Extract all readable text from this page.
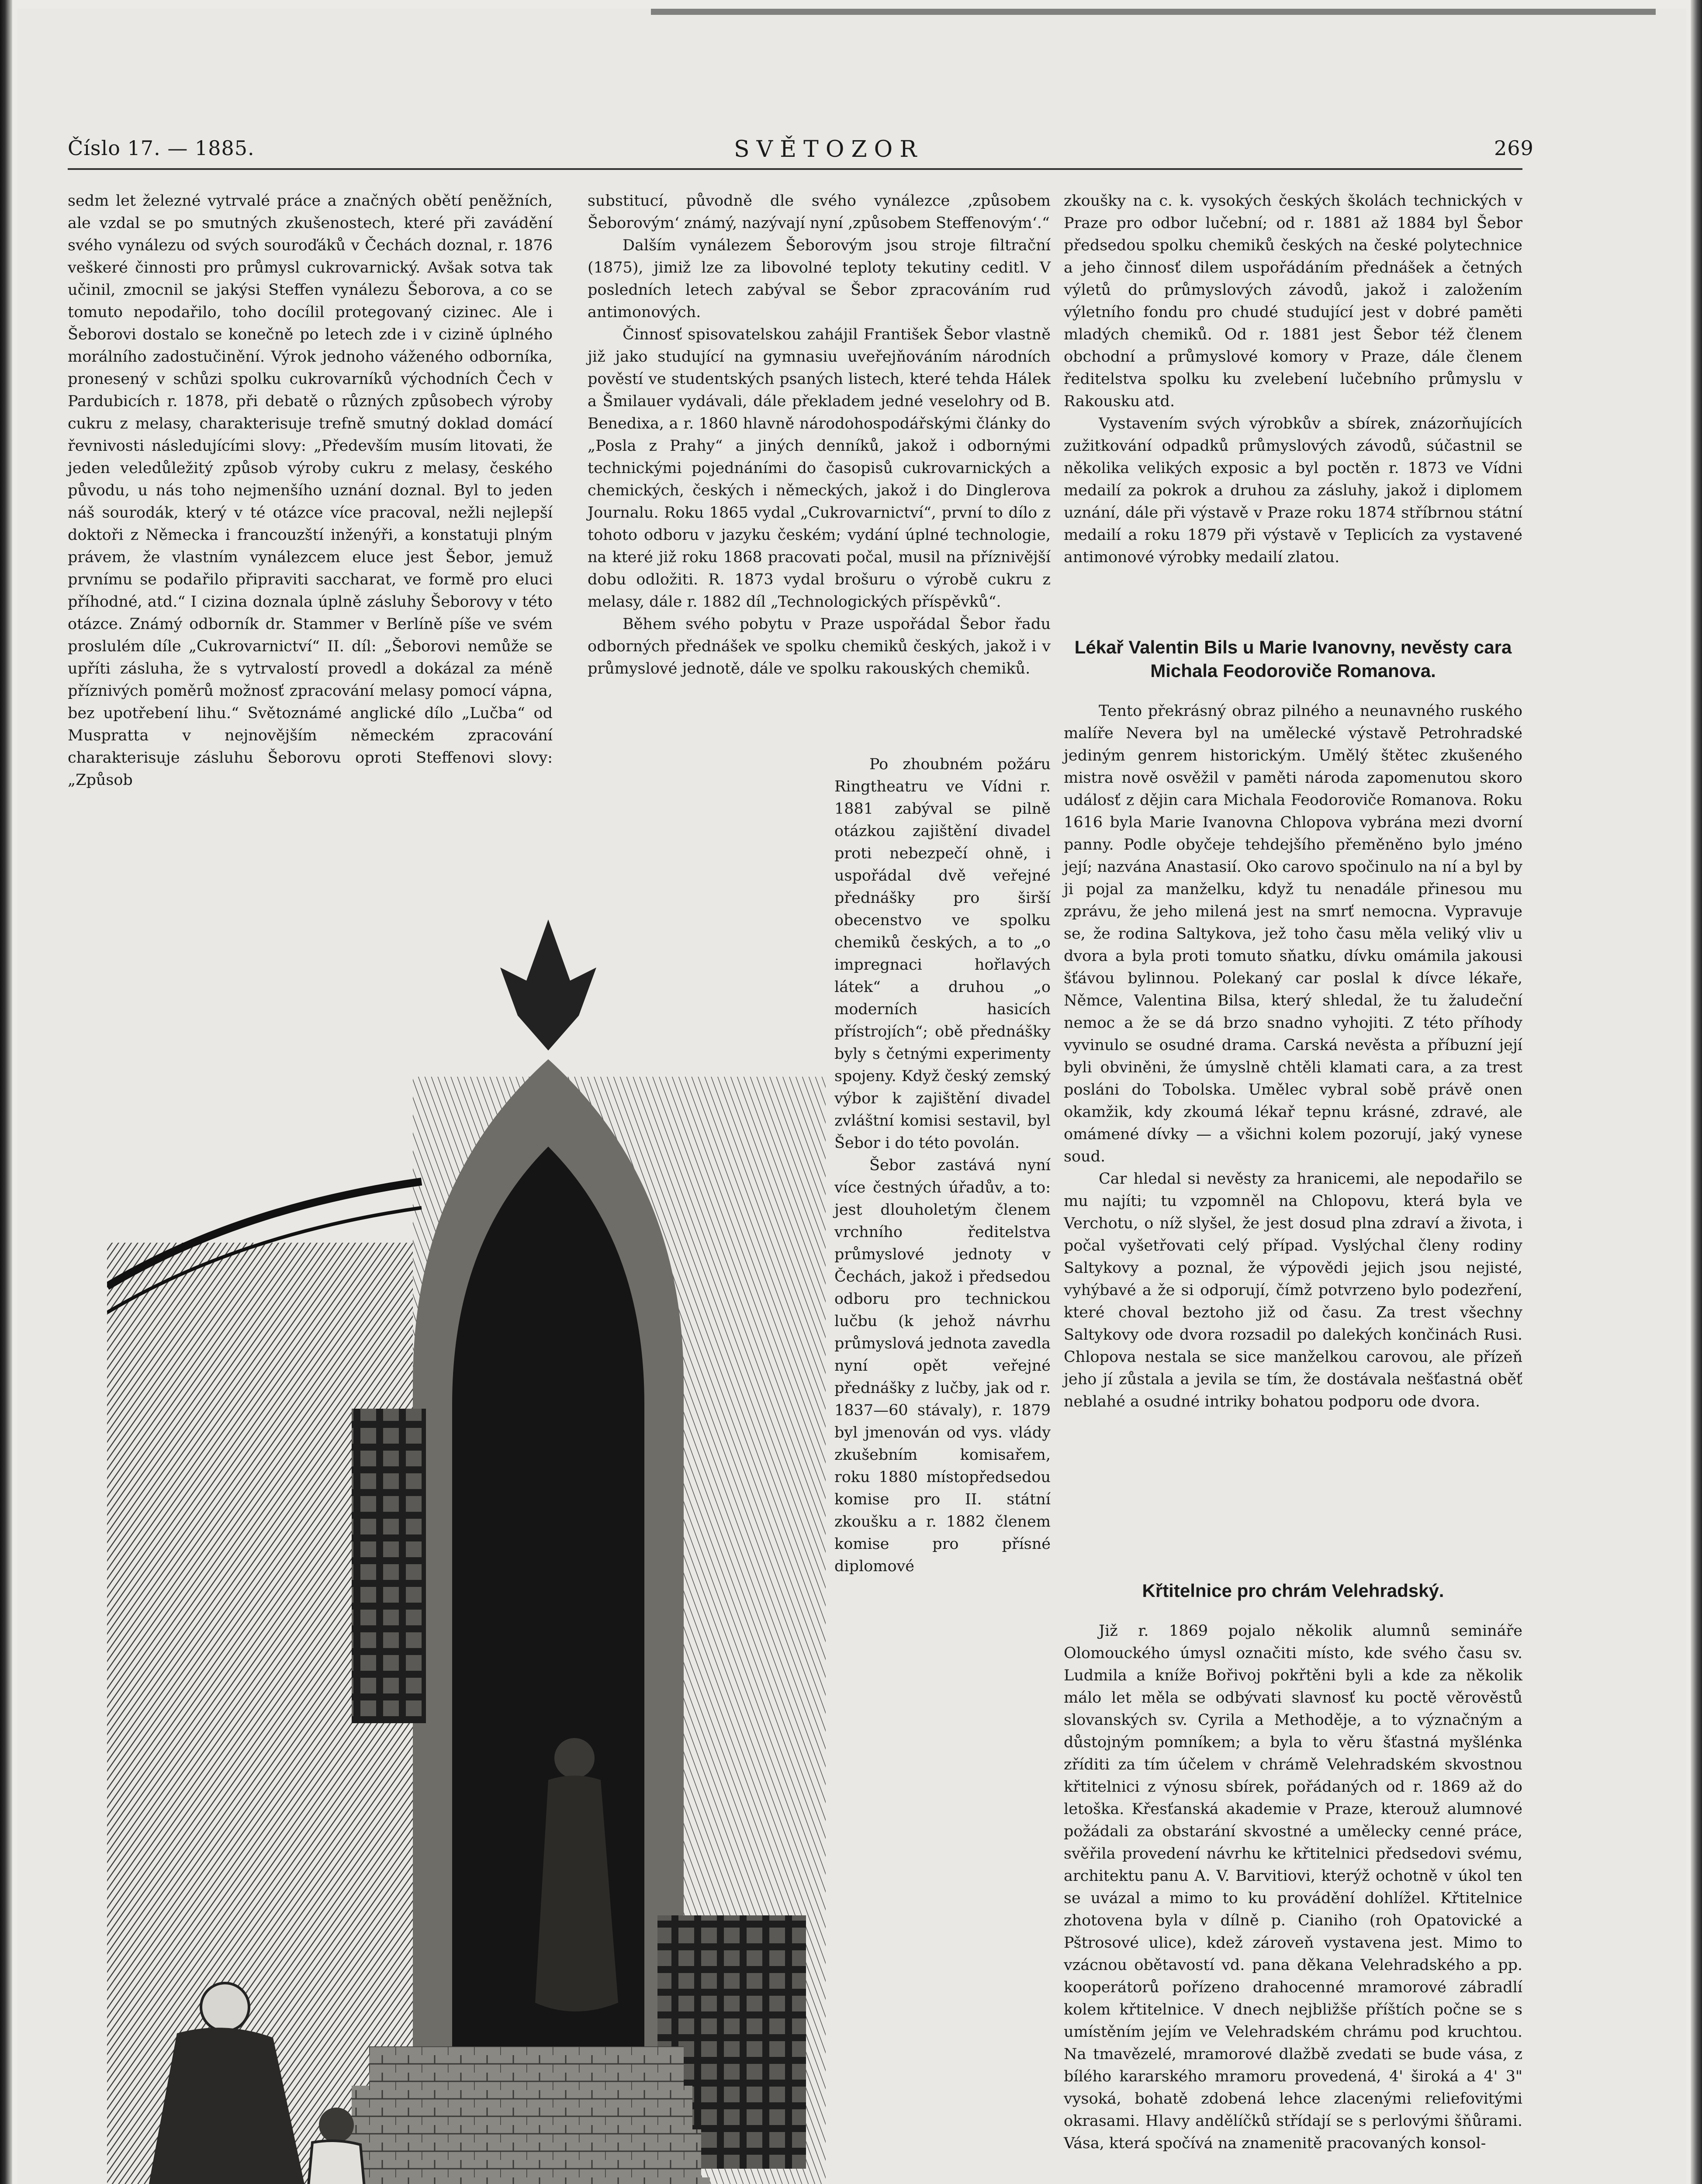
Číslo 17. — 1885.	SVĚTOZOR	269

sedm let železné vytrvalé práce a značných obětí peněžních, ale vzdal se po smutných zkušenostech, které při zavádění svého vynálezu od svých souroďáků v Čechách doznal, r. 1876 veškeré činnosti pro průmysl cukrovarnický. Avšak sotva tak učinil, zmocnil se jakýsi Steffen vynálezu Šeborova, a co se tomuto nepodařilo, toho docílil protegovaný cizinec. Ale i Šeborovi dostalo se konečně po letech zde i v cizině úplného morálního zadostučinění. Výrok jednoho váženého odborníka, pronesený v schůzi spolku cukrovarníků východních Čech v Pardubicích r. 1878, při debatě o různých způsobech výroby cukru z melasy, charakterisuje trefně smutný doklad domácí řevnivosti následujícími slovy: „Především musím litovati, že jeden veledůležitý způsob výroby cukru z melasy, českého původu, u nás toho nejmenšího uznání doznal. Byl to jeden náš sourodák, který v té otázce více pracoval, nežli nejlepší doktoři z Německa i francouzští inženýři, a konstatuji plným právem, že vlastním vynálezcem eluce jest Šebor, jemuž prvnímu se podařilo připraviti saccharat, ve formě pro eluci příhodné, atd.“ I cizina doznala úplně zásluhy Šeborovy v této otázce. Známý odborník dr. Stammer v Berlíně píše ve svém proslulém díle „Cukrovarnictví“ II. díl: „Šeborovi nemůže se upříti zásluha, že s vytrvalostí provedl a dokázal za méně příznivých poměrů možnosť zpracování melasy pomocí vápna, bez upotřebení lihu.“ Světoznámé anglické dílo „Lučba“ od Muspratta v nejnovějším německém zpracování charakterisuje zásluhu Šeborovu oproti Steffenovi slovy: „Způsob

substitucí, původně dle svého vynálezce ‚způsobem Šeborovým‘ známý, nazývají nyní ‚způsobem Steffenovým‘.“

Dalším vynálezem Šeborovým jsou stroje filtrační (1875), jimiž lze za libovolné teploty tekutiny ceditl. V posledních letech zabýval se Šebor zpracováním rud antimonových.

Činnosť spisovatelskou zahájil František Šebor vlastně již jako studující na gymnasiu uveřejňováním národních pověstí ve studentských psaných listech, které tehda Hálek a Šmilauer vydávali, dále překladem jedné veselohry od B. Benedixa, a r. 1860 hlavně národohospodářskými články do „Posla z Prahy“ a jiných denníků, jakož i odbornými technickými pojednáními do časopisů cukrovarnických a chemických, českých i německých, jakož i do Dinglerova Journalu. Roku 1865 vydal „Cukrovarnictví“, první to dílo z tohoto odboru v jazyku českém; vydání úplné technologie, na které již roku 1868 pracovati počal, musil na příznivější dobu odložiti. R. 1873 vydal brošuru o výrobě cukru z melasy, dále r. 1882 díl „Technologických příspěvků“.

Během svého pobytu v Praze uspořádal Šebor řadu odborných přednášek ve spolku chemiků českých, jakož i v průmyslové jednotě, dále ve spolku rakouských chemiků.

Po zhoubném požáru Ringtheatru ve Vídni r. 1881 zabýval se pilně otázkou zajištění divadel proti nebezpečí ohně, i uspořádal dvě veřejné přednášky pro širší obecenstvo ve spolku chemiků českých, a to „o impregnaci hořlavých látek“ a druhou „o moderních hasicích přístrojích“; obě přednášky byly s četnými experimenty spojeny. Když český zemský výbor k zajištění divadel zvláštní komisi sestavil, byl Šebor i do této povolán.

Šebor zastává nyní více čestných úřadův, a to: jest dlouholetým členem vrchního ředitelstva průmyslové jednoty v Čechách, jakož i předsedou odboru pro technickou lučbu (k jehož návrhu průmyslová jednota zavedla nyní opět veřejné přednášky z lučby, jak od r. 1837—60 stávaly), r. 1879 byl jmenován od vys. vlády zkušebním komisařem, roku 1880 místopředsedou komise pro II. státní zkoušku a r. 1882 členem komise pro přísné diplomové

zkoušky na c. k. vysokých českých školách technických v Praze pro odbor lučební; od r. 1881 až 1884 byl Šebor předsedou spolku chemiků českých na české polytechnice a jeho činnosť dilem uspořádáním přednášek a četných výletů do průmyslových závodů, jakož i založením výletního fondu pro chudé studující jest v dobré paměti mladých chemiků. Od r. 1881 jest Šebor též členem obchodní a průmyslové komory v Praze, dále členem ředitelstva spolku ku zvelebení lučebního průmyslu v Rakousku atd.

Vystavením svých výrobkův a sbírek, znázorňujících zužitkování odpadků průmyslových závodů, súčastnil se několika velikých exposic a byl poctěn r. 1873 ve Vídni medailí za pokrok a druhou za zásluhy, jakož i diplomem uznání, dále při výstavě v Praze roku 1874 stříbrnou státní medailí a roku 1879 při výstavě v Teplicích za vystavené antimonové výrobky medailí zlatou.

Lékař Valentin Bils u Marie Ivanovny, nevěsty cara Michala Feodoroviče Romanova.

Tento překrásný obraz pilného a neunavného ruského malíře Nevera byl na umělecké výstavě Petrohradské jediným genrem historickým. Umělý štětec zkušeného mistra nově osvěžil v paměti národa zapomenutou skoro událosť z dějin cara Michala Feodoroviče Romanova. Roku 1616 byla Marie Ivanovna Chlopova vybrána mezi dvorní panny. Podle obyčeje tehdejšího přeměněno bylo jméno její; nazvána Anastasií. Oko carovo spočinulo na ní a byl by ji pojal za manželku, když tu nenadále přinesou mu zprávu, že jeho milená jest na smrť nemocna. Vypravuje se, že rodina Saltykova, jež toho času měla veliký vliv u dvora a byla proti tomuto sňatku, dívku omámila jakousi šťávou bylinnou. Polekaný car poslal k dívce lékaře, Němce, Valentina Bilsa, který shledal, že tu žaludeční nemoc a že se dá brzo snadno vyhojiti. Z této příhody vyvinulo se osudné drama. Carská nevěsta a příbuzní její byli obviněni, že úmyslně chtěli klamati cara, a za trest posláni do Tobolska. Umělec vybral sobě právě onen okamžik, kdy zkoumá lékař tepnu krásné, zdravé, ale omámené dívky — a všichni kolem pozorují, jaký vynese soud.

Car hledal si nevěsty za hranicemi, ale nepodařilo se mu najíti; tu vzpomněl na Chlopovu, která byla ve Verchotu, o níž slyšel, že jest dosud plna zdraví a života, i počal vyšetřovati celý případ. Vyslýchal členy rodiny Saltykovy a poznal, že výpovědi jejich jsou nejisté, vyhýbavé a že si odporují, čímž potvrzeno bylo podezření, které choval beztoho již od času. Za trest všechny Saltykovy ode dvora rozsadil po dalekých končinách Rusi. Chlopova nestala se sice manželkou carovou, ale přízeň jeho jí zůstala a jevila se tím, že dostávala nešťastná oběť neblahé a osudné intriky bohatou podporu ode dvora.

Křtitelnice pro chrám Velehradský.

Již r. 1869 pojalo několik alumnů semináře Olomouckého úmysl označiti místo, kde svého času sv. Ludmila a kníže Bořivoj pokřtěni byli a kde za několik málo let měla se odbývati slavnosť ku poctě věrověstů slovanských sv. Cyrila a Methoděje, a to význačným a důstojným pomníkem; a byla to věru šťastná myšlénka zříditi za tím účelem v chrámě Velehradském skvostnou křtitelnici z výnosu sbírek, pořádaných od r. 1869 až do letoška. Křesťanská akademie v Praze, kterouž alumnové požádali za obstarání skvostné a umělecky cenné práce, svěřila provedení návrhu ke křtitelnici předsedovi svému, architektu panu A. V. Barvitiovi, kterýž ochotně v úkol ten se uvázal a mimo to ku provádění dohlížel. Křtitelnice zhotovena byla v dílně p. Cianiho (roh Opatovické a Pštrosové ulice), kdež zároveň vystavena jest. Mimo to vzácnou obětavostí vd. pana děkana Velehradského a pp. kooperátorů pořízeno drahocenné mramorové zábradlí kolem křtitelnice. V dnech nejbližše příštích počne se s umístěním jejím ve Velehradském chrámu pod kruchtou. Na tmavězelé, mramorové dlažbě zvedati se bude vása, z bílého kararského mramoru provedená, 4' široká a 4' 3" vysoká, bohatě zdobená lehce zlacenými reliefovitými okrasami. Hlavy andělíčků střídají se s perlovými šňůrami. Vása, která spočívá na znamenitě pracovaných konsol-
